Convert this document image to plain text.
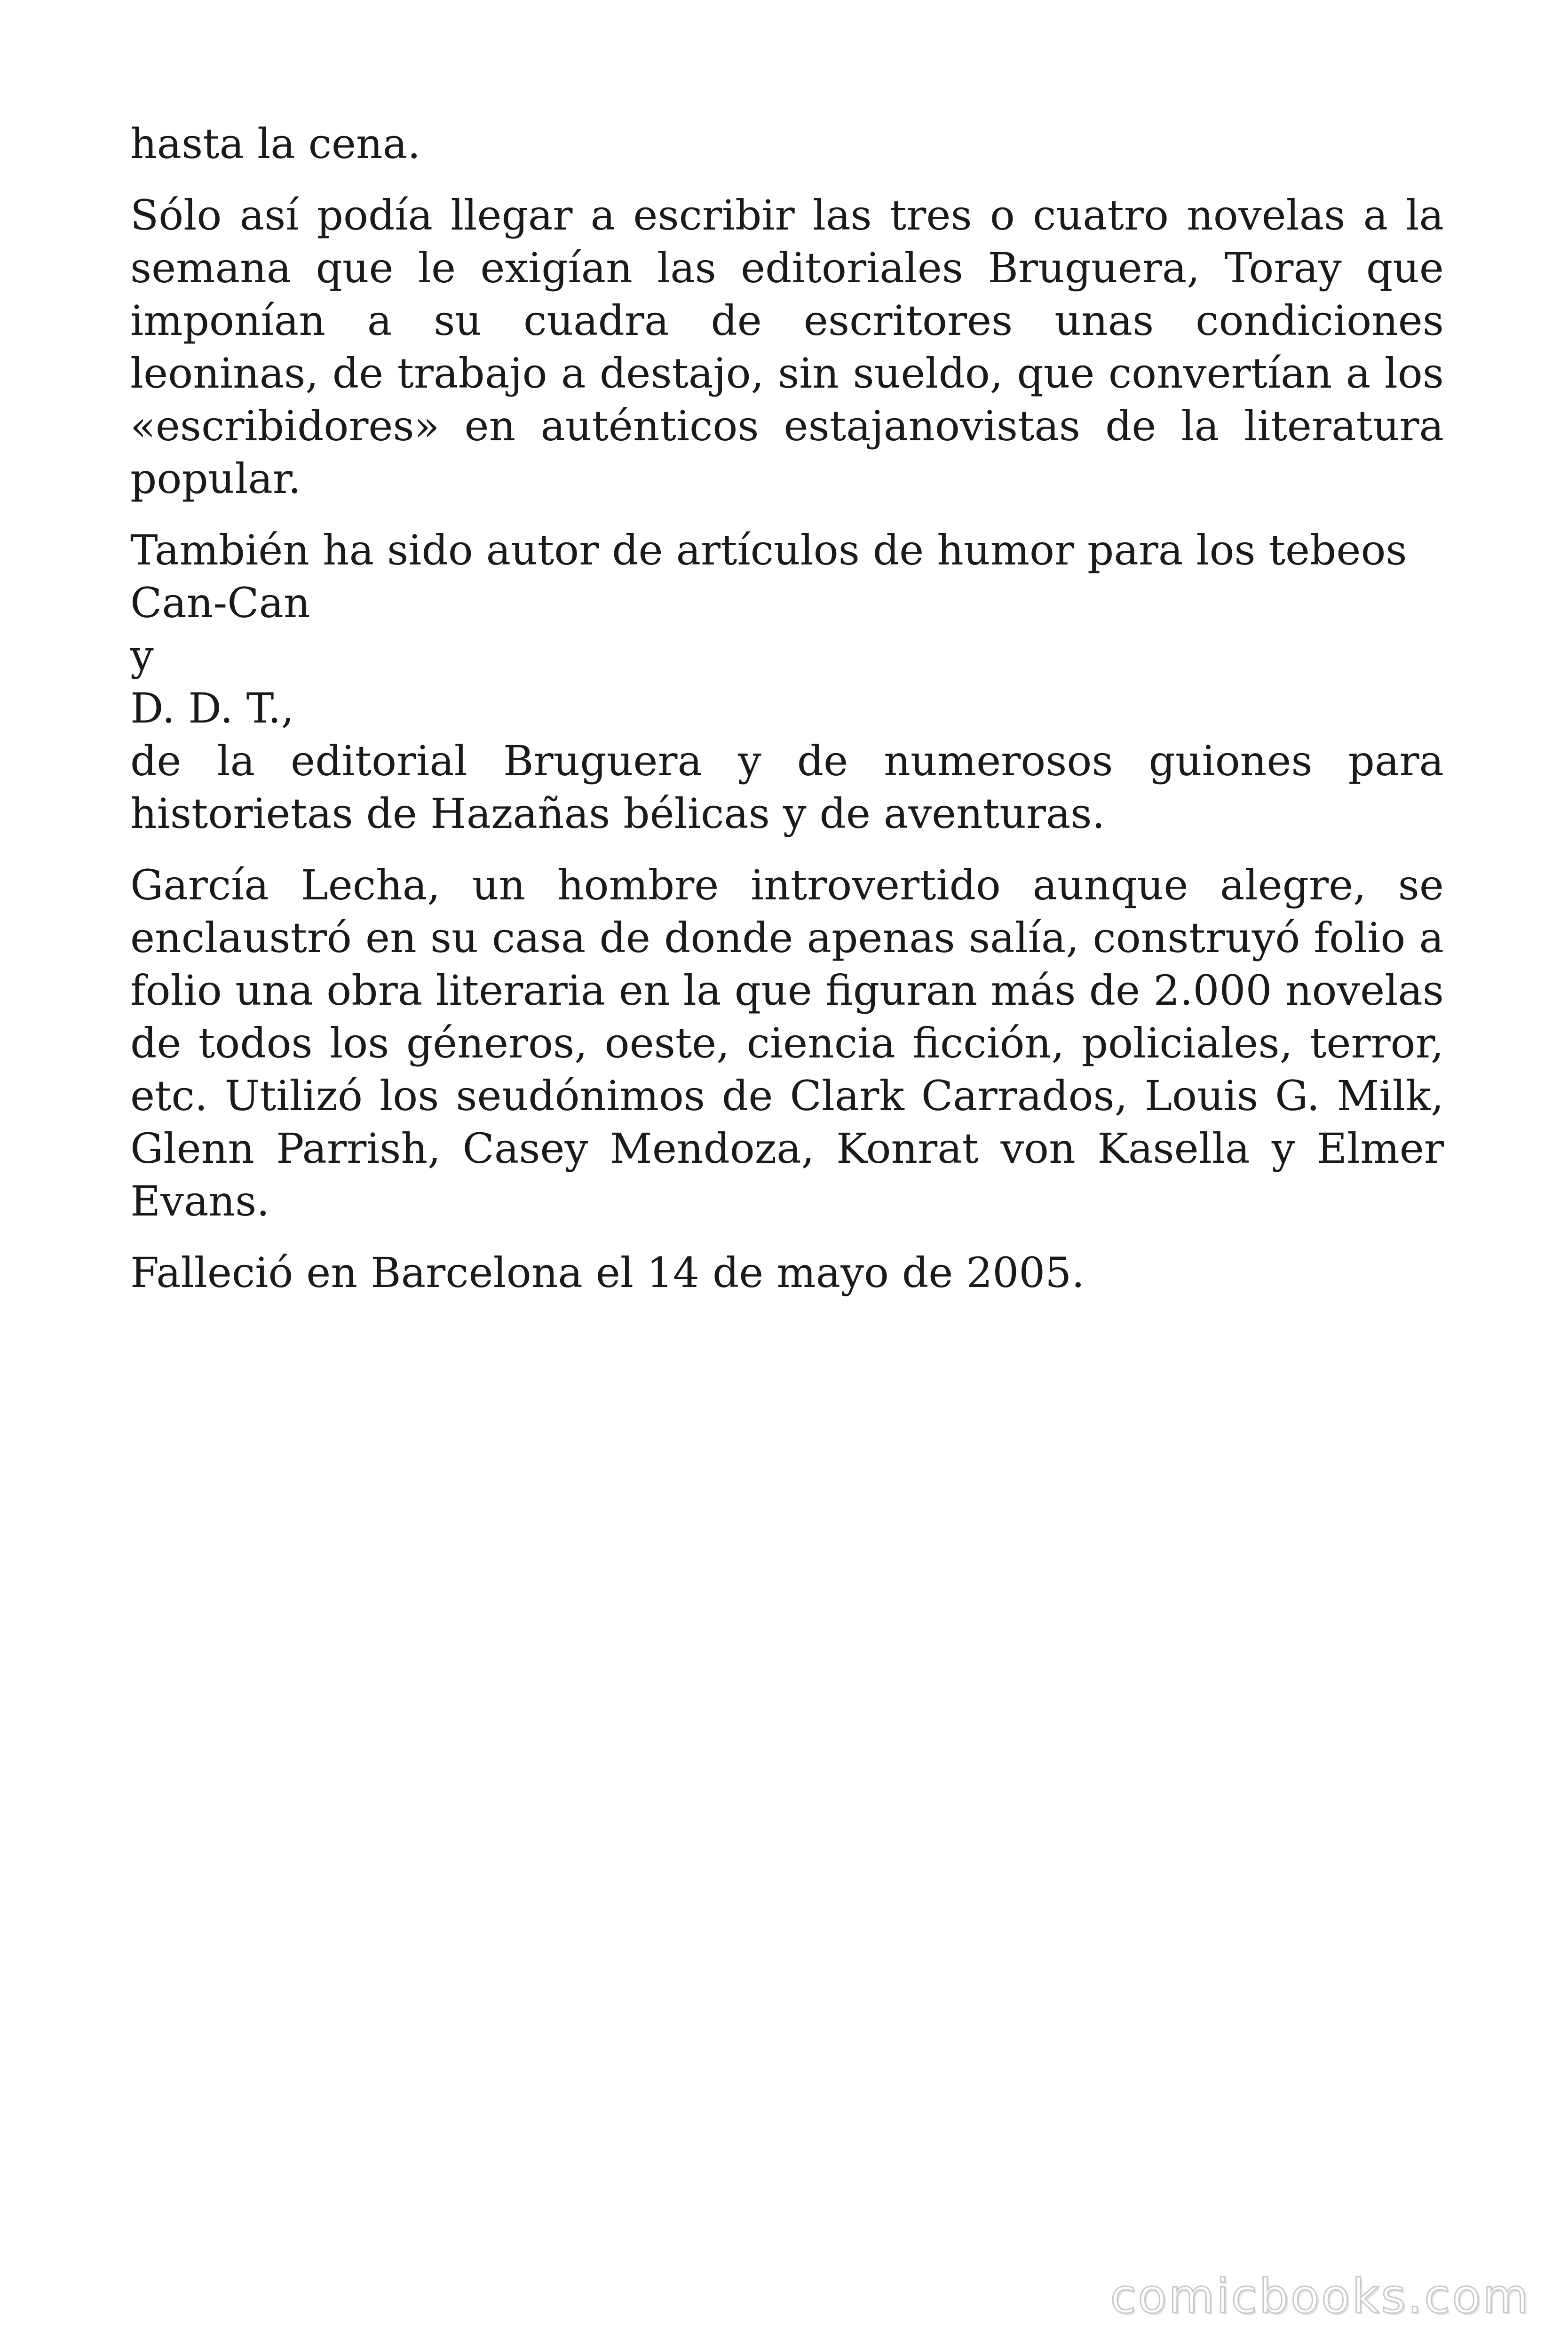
hasta la cena.

Sólo así podía llegar a escribir las tres o cuatro novelas a la semana que le exigían las editoriales Bruguera, Toray que imponían a su cuadra de escritores unas condiciones leoninas, de trabajo a destajo, sin sueldo, que convertían a los «escribidores» en auténticos estajanovistas de la literatura popular.

También ha sido autor de artículos de humor para los tebeos
Can-Can
y
D. D. T.,
de la editorial Bruguera y de numerosos guiones para historietas de Hazañas bélicas y de aventuras.

García Lecha, un hombre introvertido aunque alegre, se enclaustró en su casa de donde apenas salía, construyó folio a folio una obra literaria en la que figuran más de 2.000 novelas de todos los géneros, oeste, ciencia ficción, policiales, terror, etc. Utilizó los seudónimos de Clark Carrados, Louis G. Milk, Glenn Parrish, Casey Mendoza, Konrat von Kasella y Elmer Evans.

Falleció en Barcelona el 14 de mayo de 2005.

comicbooks.com
